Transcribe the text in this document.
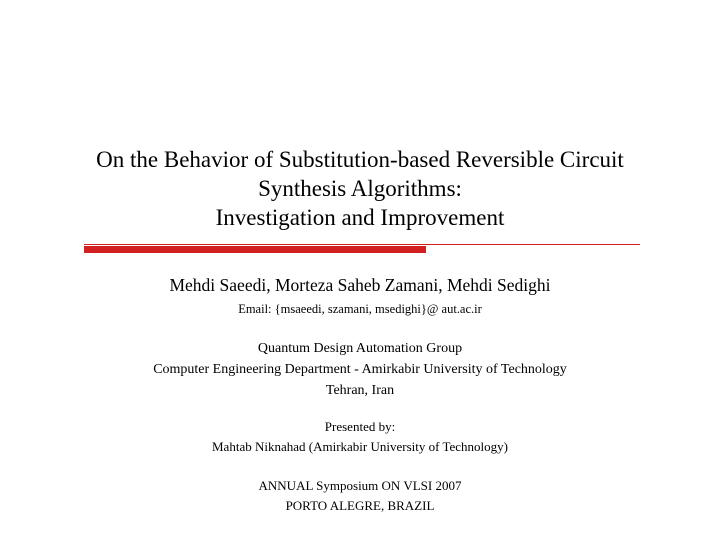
On the Behavior of Substitution-based Reversible Circuit
Synthesis Algorithms:
Investigation and Improvement
Mehdi Saeedi, Morteza Saheb Zamani, Mehdi Sedighi
Email: {msaeedi, szamani, msedighi}@ aut.ac.ir
Quantum Design Automation Group
Computer Engineering Department - Amirkabir University of Technology
Tehran, Iran
Presented by:
Mahtab Niknahad (Amirkabir University of Technology)
ANNUAL Symposium ON VLSI 2007
PORTO ALEGRE, BRAZIL
